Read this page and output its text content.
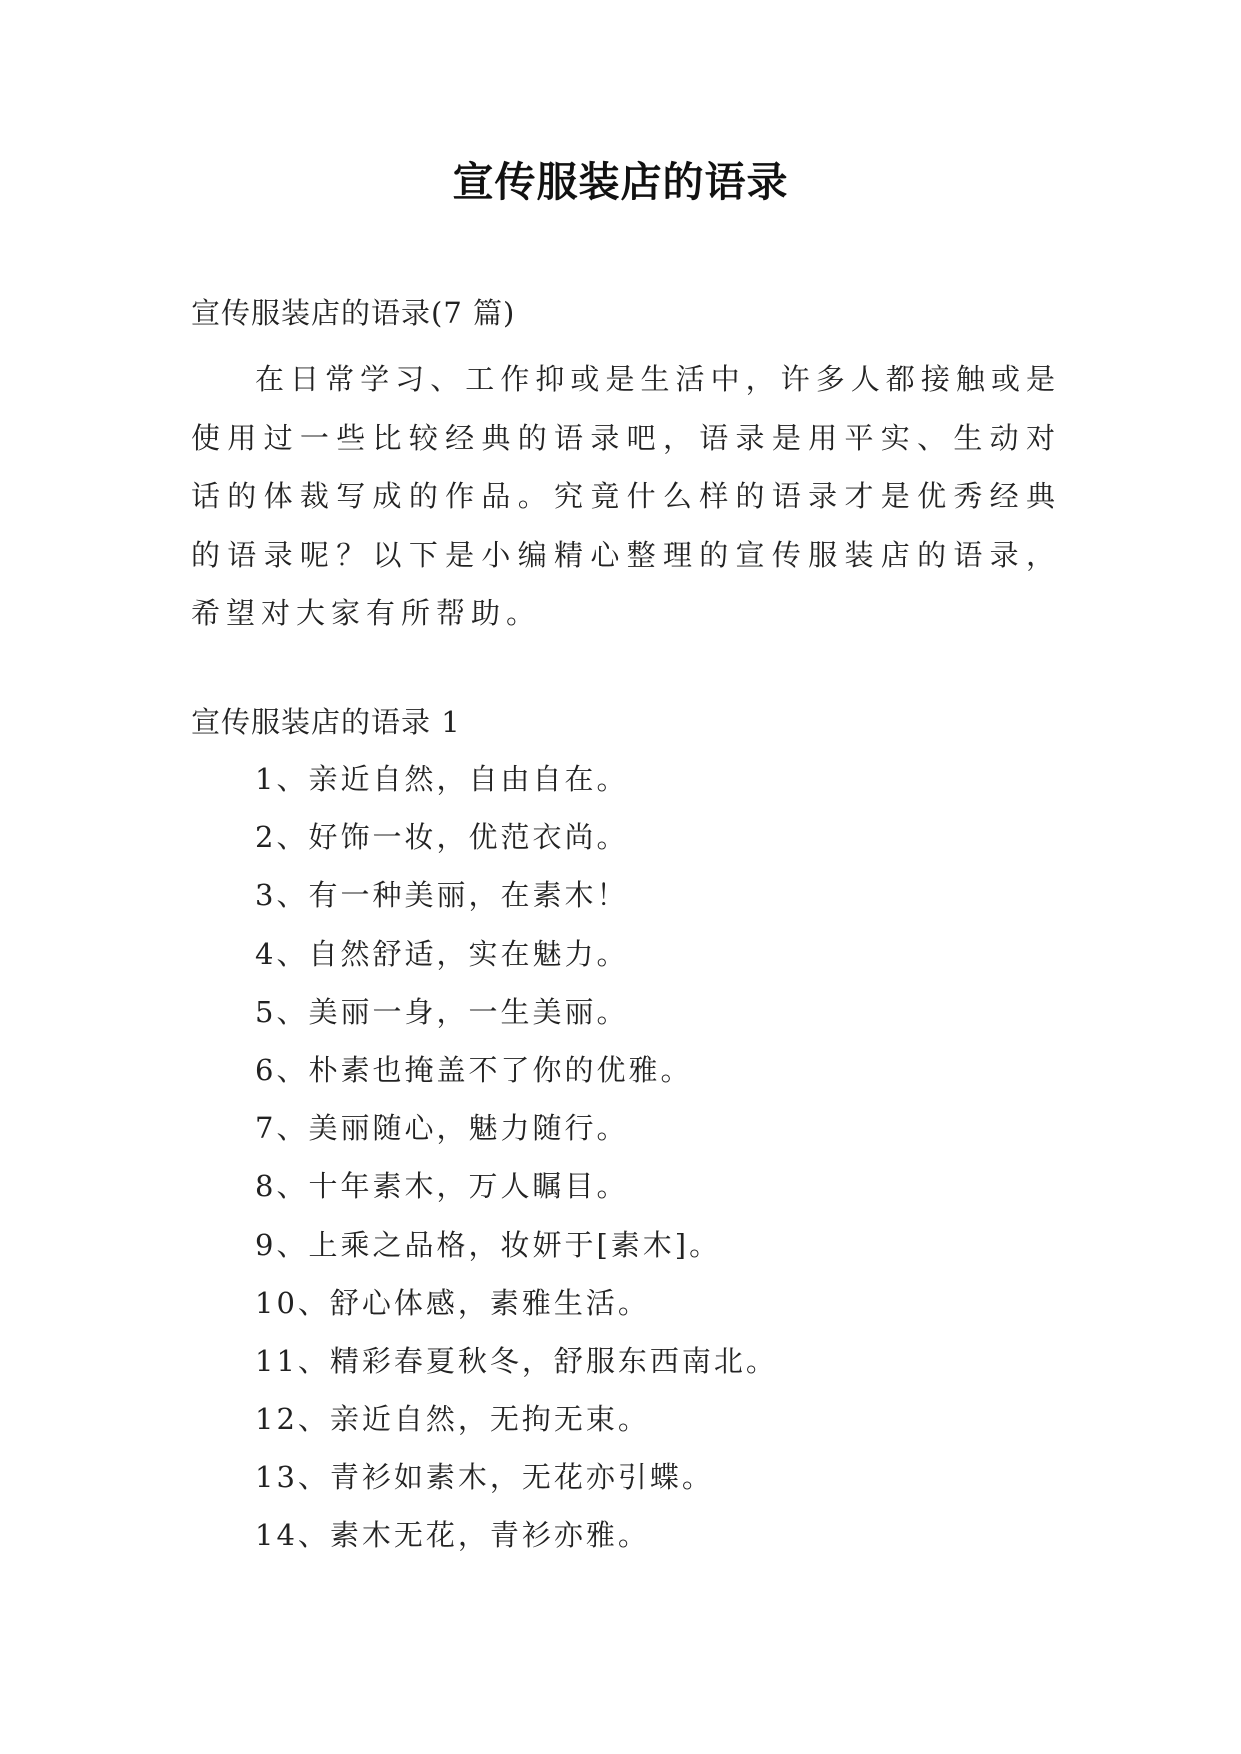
宣传服装店的语录
宣传服装店的语录(7 篇)

在日常学习、工作抑或是生活中，许多人都接触或是使用过一些比较经典的语录吧，语录是用平实、生动对话的体裁写成的作品。究竟什么样的语录才是优秀经典的语录呢？以下是小编精心整理的宣传服装店的语录，希望对大家有所帮助。

宣传服装店的语录 1
1、亲近自然，自由自在。
2、好饰一妆，优范衣尚。
3、有一种美丽，在素木！
4、自然舒适，实在魅力。
5、美丽一身，一生美丽。
6、朴素也掩盖不了你的优雅。
7、美丽随心，魅力随行。
8、十年素木，万人瞩目。
9、上乘之品格，妆妍于[素木]。
10、舒心体感，素雅生活。
11、精彩春夏秋冬，舒服东西南北。
12、亲近自然，无拘无束。
13、青衫如素木，无花亦引蝶。
14、素木无花，青衫亦雅。
